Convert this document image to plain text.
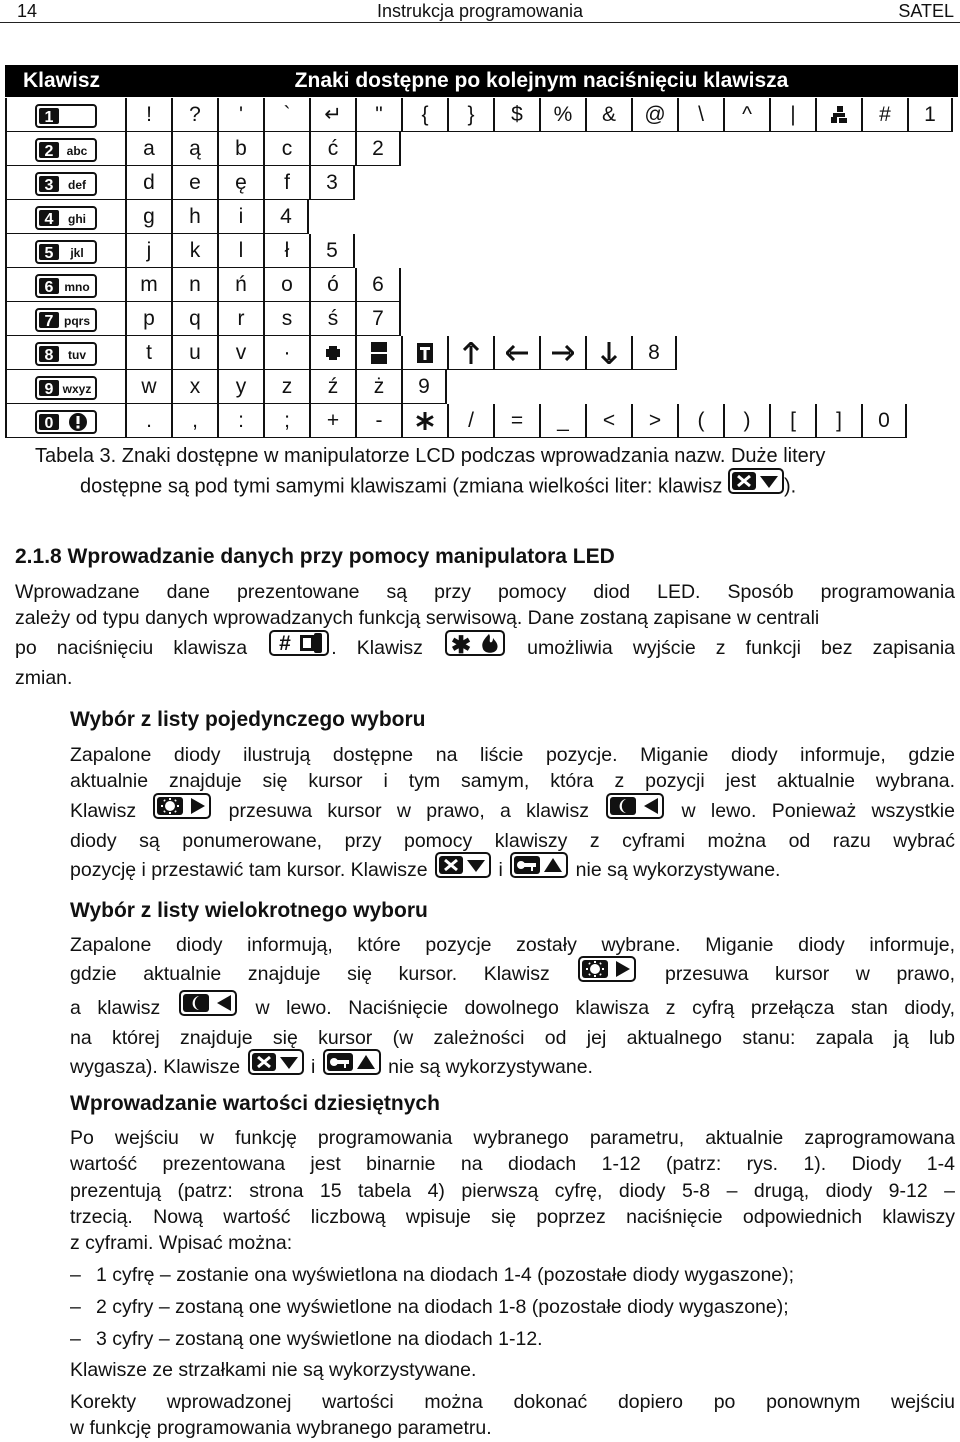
14	Instrukcja programowania	SATEL
Klawisz	Znaki dostępne po kolejnym naciśnięciu klawisza
1	!	?	'	`	↵	"	{	}	$	%	&	@	\	^	|	#	1
2 abc	a	ą	b	c	ć	2
3 def	d	e	ę	f	3
4 ghi	g	h	i	4
5 jkl	j	k	l	ł	5
6 mno	m	n	ń	o	ó	6
7 pqrs	p	q	r	s	ś	7
8 tuv	t	u	v	·	8
9 wxyz	w	x	y	z	ź	ż	9
0	.	,	:	;	+	-	/	=	_	<	>	(	)	[	]	0
Tabela 3. Znaki dostępne w manipulatorze LCD podczas wprowadzania nazw. Duże litery
dostępne są pod tymi samymi klawiszami (zmiana wielkości liter: klawisz	).
2.1.8 Wprowadzanie danych przy pomocy manipulatora LED
Wprowadzane dane prezentowane są przy pomocy diod LED. Sposób programowania
zależy od typu danych wprowadzanych funkcją serwisową. Dane zostaną zapisane w centrali
po naciśnięciu klawisza # . Klawisz ✱ umożliwia wyjście z funkcji bez zapisania
zmian.
Wybór z listy pojedynczego wyboru
Zapalone diody ilustrują dostępne na liście pozycje. Miganie diody informuje, gdzie
aktualnie znajduje się kursor i tym samym, która z pozycji jest aktualnie wybrana.
Klawisz	przesuwa kursor w prawo, a klawisz	w lewo. Ponieważ wszystkie
diody są ponumerowane, przy pomocy klawiszy z cyframi można od razu wybrać
pozycję i przestawić tam kursor. Klawisze	i	nie są wykorzystywane.
Wybór z listy wielokrotnego wyboru
Zapalone diody informują, które pozycje zostały wybrane. Miganie diody informuje,
gdzie aktualnie znajduje się kursor. Klawisz	przesuwa kursor w prawo,
a klawisz	w lewo. Naciśnięcie dowolnego klawisza z cyfrą przełącza stan diody,
na której znajduje się kursor (w zależności od jej aktualnego stanu: zapala ją lub
wygasza). Klawisze	i	nie są wykorzystywane.
Wprowadzanie wartości dziesiętnych
Po wejściu w funkcję programowania wybranego parametru, aktualnie zaprogramowana
wartość prezentowana jest binarnie na diodach 1-12 (patrz: rys. 1). Diody 1-4
prezentują (patrz: strona 15 tabela 4) pierwszą cyfrę, diody 5-8 – drugą, diody 9-12 –
trzecią. Nową wartość liczbową wpisuje się poprzez naciśnięcie odpowiednich klawiszy
z cyframi. Wpisać można:
– 1 cyfrę – zostanie ona wyświetlona na diodach 1-4 (pozostałe diody wygaszone);
– 2 cyfry – zostaną one wyświetlone na diodach 1-8 (pozostałe diody wygaszone);
– 3 cyfry – zostaną one wyświetlone na diodach 1-12.
Klawisze ze strzałkami nie są wykorzystywane.
Korekty wprowadzonej wartości można dokonać dopiero po ponownym wejściu
w funkcję programowania wybranego parametru.
